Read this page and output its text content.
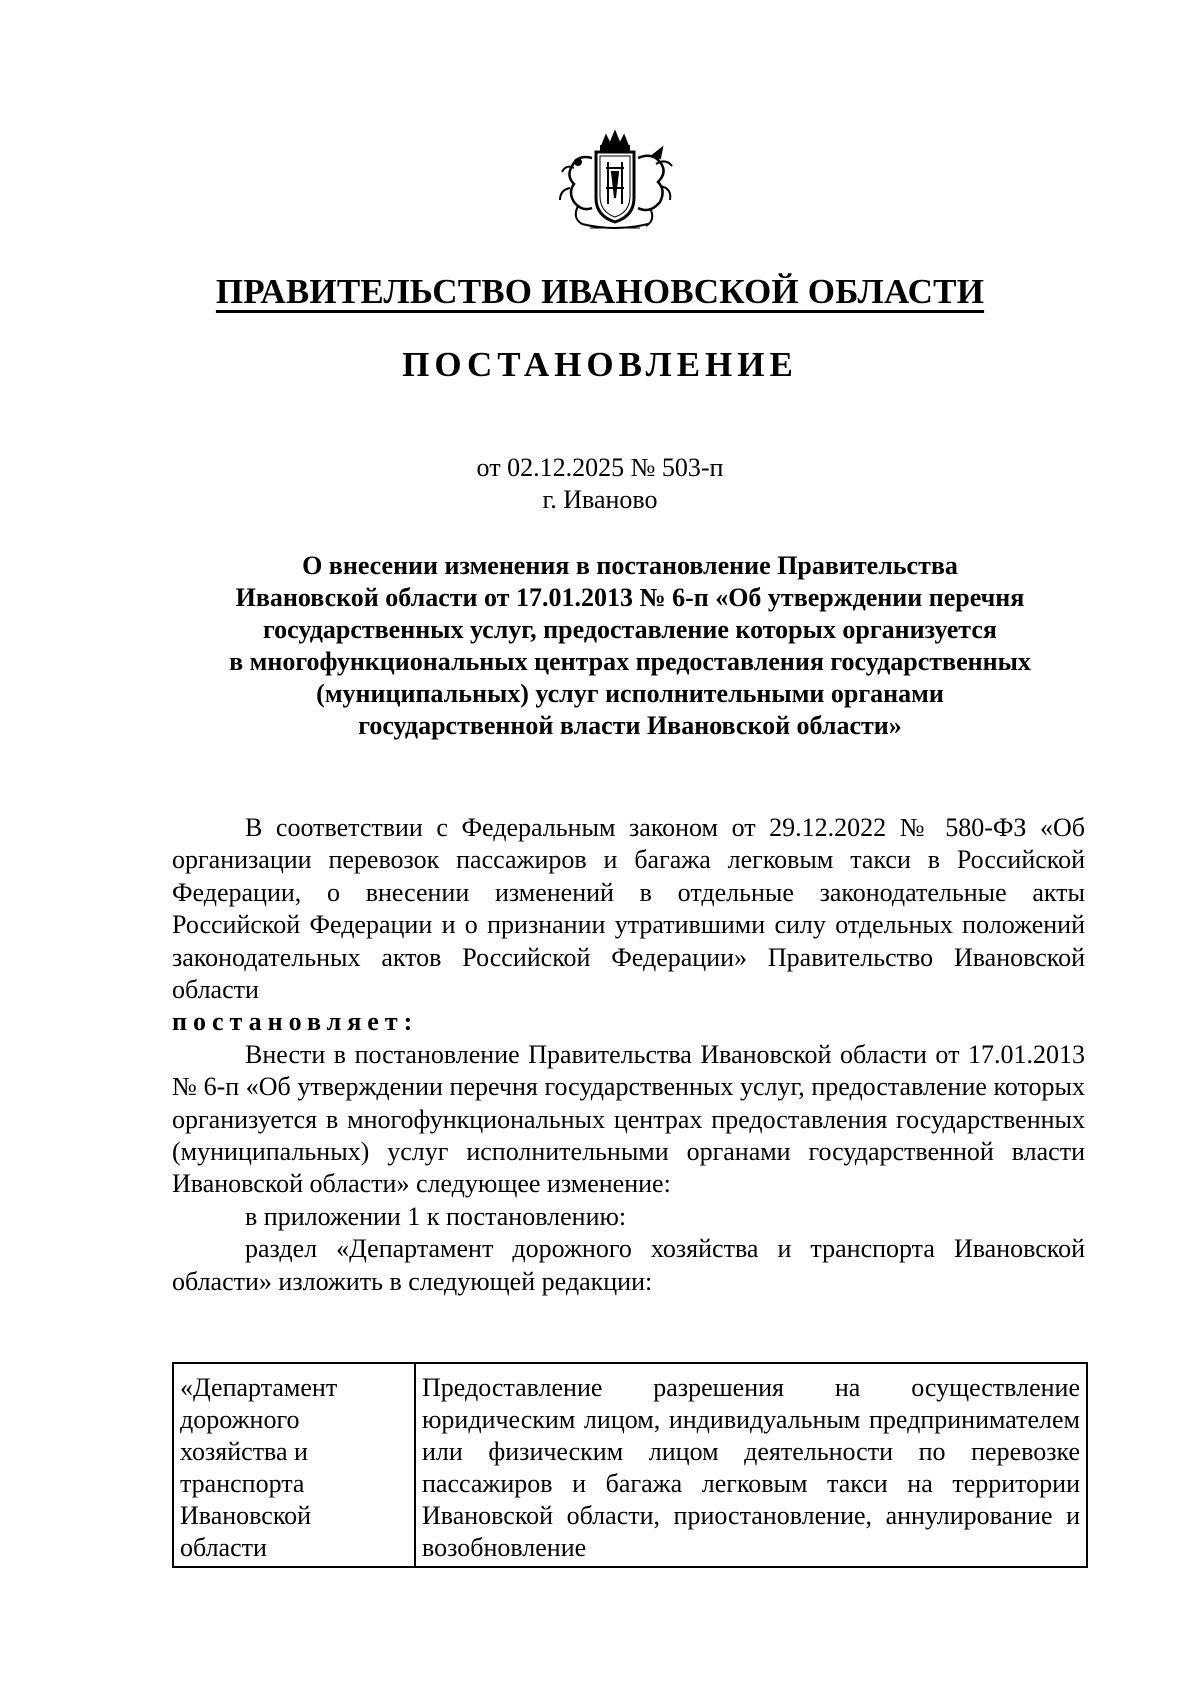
ПРАВИТЕЛЬСТВО ИВАНОВСКОЙ ОБЛАСТИ
ПОСТАНОВЛЕНИЕ
от 02.12.2025 № 503-п
г. Иваново
О внесении изменения в постановление Правительства
Ивановской области от 17.01.2013 № 6-п «Об утверждении перечня
государственных услуг, предоставление которых организуется
в многофункциональных центрах предоставления государственных
(муниципальных) услуг исполнительными органами
государственной власти Ивановской области»

В соответствии с Федеральным законом от 29.12.2022 № 580-ФЗ «Об организации перевозок пассажиров и багажа легковым такси в Российской Федерации, о внесении изменений в отдельные законодательные акты Российской Федерации и о признании утратившими силу отдельных положений законодательных актов Российской Федерации» Правительство Ивановской области

постановляет:

Внести в постановление Правительства Ивановской области от 17.01.2013 № 6-п «Об утверждении перечня государственных услуг, предоставление которых организуется в многофункциональных центрах предоставления государственных (муниципальных) услуг исполнительными органами государственной власти Ивановской области» следующее изменение:

в приложении 1 к постановлению:

раздел «Департамент дорожного хозяйства и транспорта Ивановской области» изложить в следующей редакции:

«Департамент
дорожного
хозяйства и
транспорта
Ивановской
области
	Предоставление разрешения на осуществление юридическим лицом, индивидуальным предпринимателем или физическим лицом деятельности по перевозке пассажиров и багажа легковым такси на территории Ивановской области, приостановление, аннулирование и возобновление
